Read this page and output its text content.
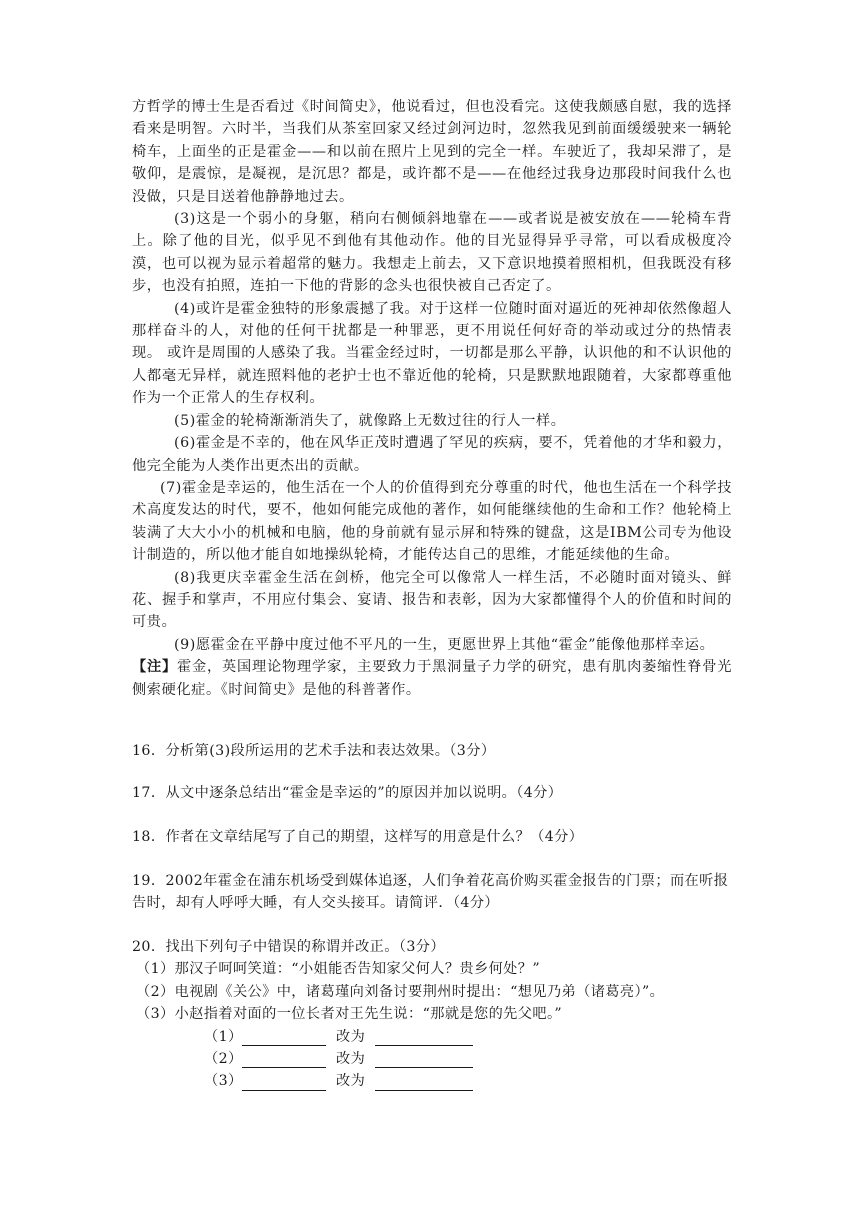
方哲学的博士生是否看过《时间简史》，他说看过，但也没看完。这使我颇感自慰，我的选择看来是明智。六时半，当我们从茶室回家又经过剑河边时，忽然我见到前面缓缓驶来一辆轮椅车，上面坐的正是霍金——和以前在照片上见到的完全一样。车驶近了，我却呆滞了，是敬仰，是震惊，是凝视，是沉思？都是，或许都不是——在他经过我身边那段时间我什么也没做，只是目送着他静静地过去。

(3)这是一个弱小的身躯，稍向右侧倾斜地靠在——或者说是被安放在——轮椅车背上。除了他的目光，似乎见不到他有其他动作。他的目光显得异乎寻常，可以看成极度冷漠，也可以视为显示着超常的魅力。我想走上前去，又下意识地摸着照相机，但我既没有移步，也没有拍照，连拍一下他的背影的念头也很快被自己否定了。

(4)或许是霍金独特的形象震撼了我。对于这样一位随时面对逼近的死神却依然像超人那样奋斗的人，对他的任何干扰都是一种罪恶，更不用说任何好奇的举动或过分的热情表现。 或许是周围的人感染了我。当霍金经过时，一切都是那么平静，认识他的和不认识他的人都毫无异样，就连照料他的老护士也不靠近他的轮椅，只是默默地跟随着，大家都尊重他作为一个正常人的生存权利。

(5)霍金的轮椅渐渐消失了，就像路上无数过往的行人一样。

(6)霍金是不幸的，他在风华正茂时遭遇了罕见的疾病，要不，凭着他的才华和毅力，他完全能为人类作出更杰出的贡献。

(7)霍金是幸运的，他生活在一个人的价值得到充分尊重的时代，他也生活在一个科学技术高度发达的时代，要不，他如何能完成他的著作，如何能继续他的生命和工作？他轮椅上装满了大大小小的机械和电脑，他的身前就有显示屏和特殊的键盘，这是IBM公司专为他设计制造的，所以他才能自如地操纵轮椅，才能传达自己的思维，才能延续他的生命。

(8)我更庆幸霍金生活在剑桥，他完全可以像常人一样生活，不必随时面对镜头、鲜花、握手和掌声，不用应付集会、宴请、报告和表彰，因为大家都懂得个人的价值和时间的可贵。

(9)愿霍金在平静中度过他不平凡的一生，更愿世界上其他“霍金”能像他那样幸运。

【注】霍金，英国理论物理学家，主要致力于黑洞量子力学的研究，患有肌肉萎缩性脊骨光侧索硬化症。《时间简史》是他的科普著作。

16．分析第(3)段所运用的艺术手法和表达效果。（3分）

17．从文中逐条总结出“霍金是幸运的”的原因并加以说明。（4分）

18．作者在文章结尾写了自己的期望，这样写的用意是什么？（4分）

19．2002年霍金在浦东机场受到媒体追逐，人们争着花高价购买霍金报告的门票；而在听报告时，却有人呼呼大睡，有人交头接耳。请简评．（4分）

20．找出下列句子中错误的称谓并改正。（3分）

（1）那汉子呵呵笑道：“小姐能否告知家父何人？贵乡何处？”

（2）电视剧《关公》中，诸葛瑾向刘备讨要荆州时提出：“想见乃弟（诸葛亮）”。

（3）小赵指着对面的一位长者对王先生说：“那就是您的先父吧。”

（1）	改为
（2）	改为
（3）	改为
